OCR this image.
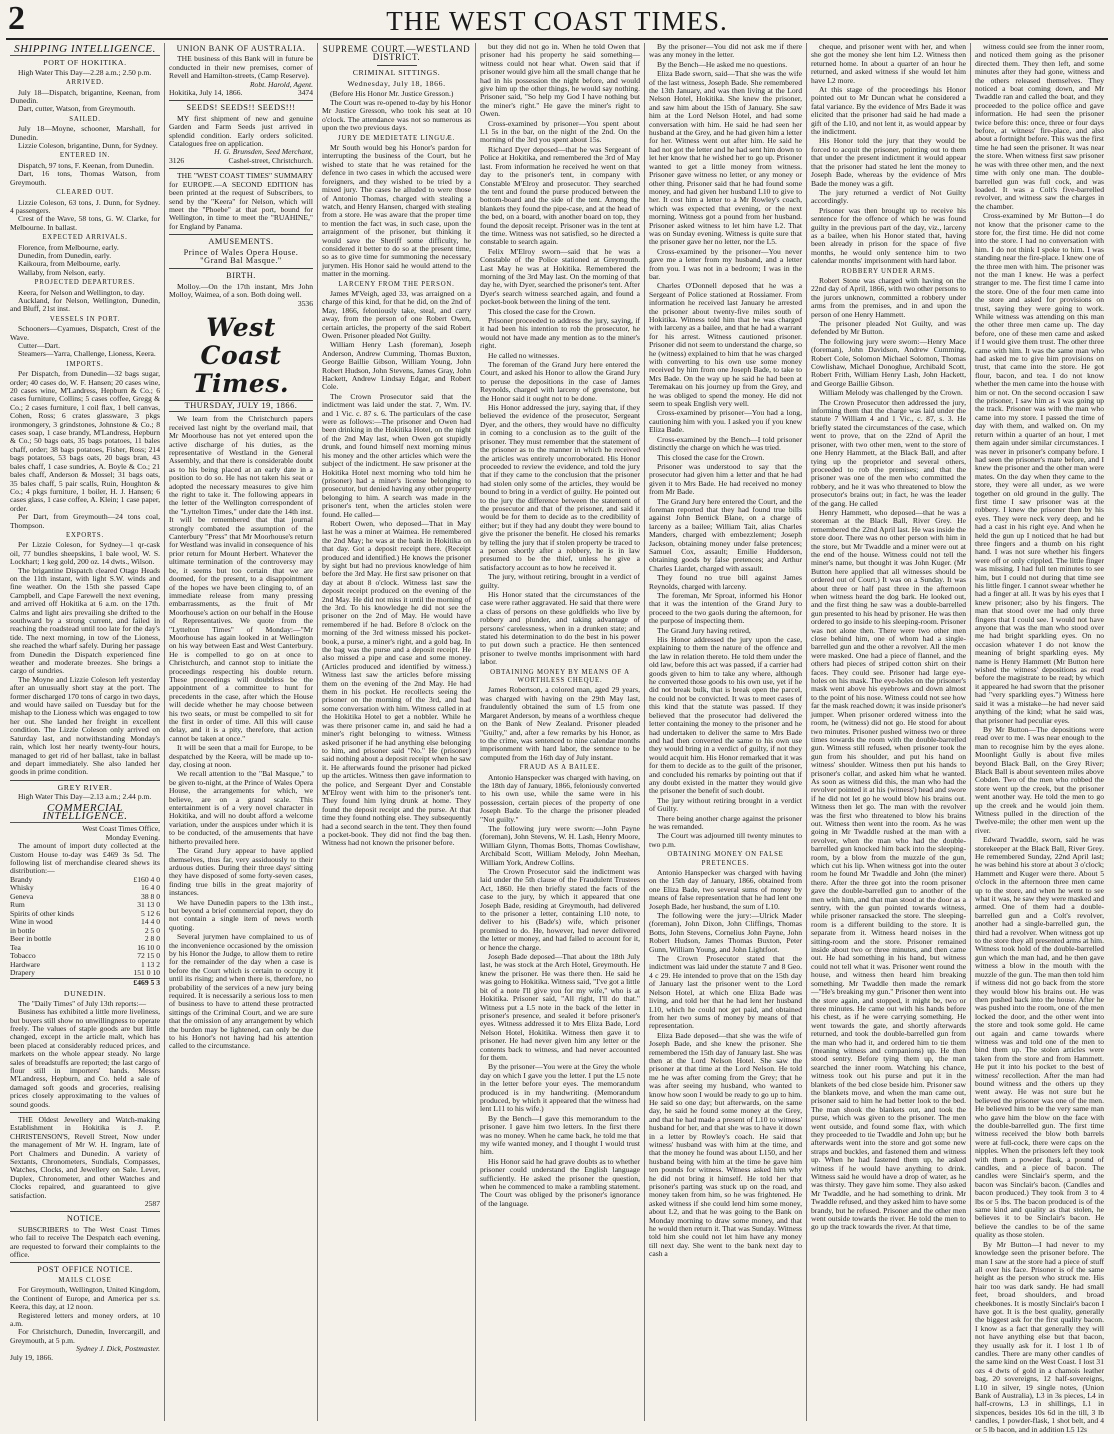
2	THE WEST COAST TIMES.
SHIPPING INTELLIGENCE.
PORT OF HOKITIKA.

High Water This Day—2.28 a.m.; 2.50 p.m.

ARRIVED.

July 18—Dispatch, brigantine, Keenan, from Dunedin.

Dart, cutter, Watson, from Greymouth.

SAILED.

July 18—Moyne, schooner, Marshall, for Dunedin.

Lizzie Coleson, brigantine, Dunn, for Sydney.

ENTERED IN.

Dispatch, 97 tons, F. Keenan, from Dunedin.

Dart, 16 tons, Thomas Watson, from Greymouth.

CLEARED OUT.

Lizzie Coleson, 63 tons, J. Dunn, for Sydney. 4 passengers.

Crest of the Wave, 58 tons, G. W. Clarke, for Melbourne. In ballast.

EXPECTED ARRIVALS.

Florence, from Melbourne, early.

Dunedin, from Dunedin, early.

Kaikoura, from Melbourne, early.

Wallaby, from Nelson, early.

PROJECTED DEPARTURES.

Keera, for Nelson and Wellington, to day.

Auckland, for Nelson, Wellington, Dunedin, and Bluff, 21st inst.

VESSELS IN PORT.

Schooners—Cyamues, Dispatch, Crest of the Wave.

Cutter—Dart.

Steamers—Yarra, Challenge, Lioness, Keera.

IMPORTS.

Per Dispatch, from Dunedin—32 bags sugar, order; 40 cases do, W. F. Hansen; 20 cases wine, 20 cases wine, M'Landress, Hepburn & Co.; 6 cases furniture, Collins; 5 cases coffee, Gregg & Co.; 2 cases furniture, 1 coil flax, 1 bell canvas, Cohen, Ross; 6 crates glassware, 3 pkgs ironmongery, 3 grindstones, Johnstone & Co.; 8 cases soap, 1 case brandy, M'Landress, Hepburn & Co.; 50 bags oats, 35 bags potatoes, 11 bales chaff, order; 38 bags potatoes, Fisher, Ross; 214 bags potatoes, 53 bags oats, 20 bags bran, 43 bales chaff, 1 case sundries, A. Boyle & Co.; 21 bales chaff, Anderson & Mossel; 31 bags oats, 35 bales chaff, 5 pair scalls, Ruin, Houghton & Co.; 4 pkgs furniture, 1 boiler, H. J. Hansen; 6 cases glass, 1 case coffee, A. Klein; 1 case paper, order.

Per Dart, from Greymouth—24 tons coal, Thompson.

EXPORTS.

Per Lizzie Coleson, for Sydney—1 qr-cask oil, 77 bundles sheepskins, 1 bale wool, W. S. Lockhart; 1 keg gold, 200 oz. 14 dwts., Wilson.

The brigantine Dispatch cleared Otago Heads on the 11th instant, with light S.W. winds and fine weather. On the 15th she passed Cape Campbell, and Cape Farewell the next evening, and arrived off Hokitika at 6 a.m. on the 17th. Calms and light airs prevailing she drifted to the southward by a strong current, and failed in reaching the roadstead until too late for the day's tide. The next morning, in tow of the Lioness, she reached the wharf safely. During her passage from Dunedin the Dispatch experienced fine weather and moderate breezes. She brings a cargo of sundries.

The Moyne and Lizzie Coleson left yesterday after an unusually short stay at the port. The former discharged 170 tons of cargo in two days, and would have sailed on Tuesday but for the mishap to the Lioness which was engaged to tow her out. She landed her freight in excellent condition. The Lizzie Coleson only arrived on Saturday last, and notwithstanding Monday's rain, which lost her nearly twenty-four hours, managed to get rid of her ballast, take in ballast and depart immediately. She also landed her goods in prime condition.

GREY RIVER.

High Water This Day—2.13 a.m.; 2.44 p.m.

COMMERCIAL INTELLIGENCE.
West Coast Times Office,
Monday Evening.

The amount of import duty collected at the Custom House to-day was £469 3s 5d. The following list of merchandise cleared shews its distribution:—

Brandy	£160 4 0
Whisky	16 4 0
Geneva	38 8 0
Rum	31 13 0
Spirits of other kinds	5 12 6
Wine in wood	14 4 0
in bottle	2 5 0
Beer in bottle	2 8 0
Tea	16 10 0
Tobacco	72 15 0
Hardware	1 13 2
Drapery	151 0 10
	£469 5 3
DUNEDIN.

The "Daily Times" of July 13th reports:—

Business has exhibited a little more liveliness, but buyers still show no unwillingness to operate freely. The values of staple goods are but little changed, except in the article malt, which has been placed at considerably reduced prices, and markets on the whole appear steady. No large sales of breadstuffs are reported; the last cargo of flour still in importers' hands. Messrs M'Landress, Hepburn, and Co. held a sale of damaged soft goods and groceries, realising prices closely approximating to the values of sound goods.

THE Oldest Jewellery and Watch-making Establishment in Hokitika is J. P. CHRISTENSON'S, Revell Street, Now under the management of Mr W. H. Ingram, late of Port Chalmers and Dunedin. A variety of Sextants, Chronometers, Sundials, Compasses, Watches, Clocks, and Jewellery on Sale. Lever, Duplex, Chronometer, and other Watches and Clocks repaired, and guaranteed to give satisfaction.

2587
NOTICE.

SUBSCRIBERS to The West Coast Times who fail to receive The Despatch each evening, are requested to forward their complaints to the office.

POST OFFICE NOTICE.
MAILS CLOSE

For Greymouth, Wellington, United Kingdom, the Continent of Europe, and America per s.s. Keera, this day, at 12 noon.

Registered letters and money orders, at 10 a.m.

For Christchurch, Dunedin, Invercargill, and Greymouth, at 5 p.m.

Sydney J. Dick, Postmaster.
July 19, 1866.
UNION BANK OF AUSTRALIA.

THE business of this Bank will in future be conducted in their new premises, corner of Revell and Hamilton-streets, (Camp Reserve).

Robt. Harold, Agent.
Hokitika, July 14, 1866.	3474
SEEDS! SEEDS!! SEEDS!!!

MY first shipment of new and genuine Garden and Farm Seeds just arrived in splendid condition. Early orders solicited. Catalogues free on application.

H. G. Brunsden, Seed Merchant,
3126	Cashel-street, Christchurch.

THE "WEST COAST TIMES" SUMMARY for EUROPE.—A SECOND EDITION has been printed at the request of Subscribers, to send by the "Keera" for Nelson, which will meet the "Phoebe" at that port, bound for Wellington, in time to meet the "RUAHINE," for England by Panama.

AMUSEMENTS.
Prince of Wales Opera House. "Grand Bal Masque."
BIRTH.

Molloy.—On the 17th instant, Mrs John Molloy, Waimea, of a son. Both doing well.

3536
West Coast Times.
THURSDAY, JULY 19, 1866.

We learn from the Christchurch papers received last night by the overland mail, that Mr Moorhouse has not yet entered upon the active discharge of his duties, as the representative of Westland in the General Assembly, and that there is considerable doubt as to his being placed at an early date in a position to do so. He has not taken his seat or adopted the necessary measures to give him the right to take it. The following appears in the letter of the Wellington correspondent of the "Lyttelton Times," under date the 14th inst. It will be remembered that that journal strongly combated the assumption of the Canterbury "Press" that Mr Moorhouse's return for Westland was invalid in consequence of his prior return for Mount Herbert. Whatever the ultimate termination of the controversy may be, it seems but too certain that we are doomed, for the present, to a disappointment of the hopes we have been clinging to, of an immediate release from many pressing embarrassments, as the fruit of Mr Moorhouse's action on our behalf in the House of Representatives. We quote from the "Lyttelton Times" of Monday:—"Mr Moorhouse has again looked in at Wellington on his way between East and West Canterbury. He is compelled to go on at once to Christchurch, and cannot stop to initiate the proceedings respecting his double return. These proceedings will doubtless be the appointment of a committee to hunt for precedents in the case, after which the House will decide whether he may choose between his two seats, or must be compelled to sit for the first in order of time. All this will cause delay, and it is a pity, therefore, that action cannot be taken at once."

It will be seen that a mail for Europe, to be despatched by the Keera, will be made up to-day, closing at noon.

We recall attention to the "Bal Masque," to be given to-night, at the Prince of Wales Opera House, the arrangements for which, we believe, are on a grand scale. This entertainment is of a very novel character in Hokitika, and will no doubt afford a welcome variation, under the auspices under which it is to be conducted, of the amusements that have hitherto prevailed here.

The Grand Jury appear to have applied themselves, thus far, very assiduously to their arduous duties. During their three days' sitting they have disposed of some forty-seven cases, finding true bills in the great majority of instances.

We have Dunedin papers to the 13th inst., but beyond a brief commercial report, they do not contain a single item of news worth quoting.

Several jurymen have complained to us of the inconvenience occasioned by the omission by his Honor the Judge, to allow them to retire for the remainder of the day when a case is before the Court which is certain to occupy it until its rising; and when there is, therefore, no probability of the services of a new jury being required. It is necessarily a serious loss to men of business to have to attend these protracted sittings of the Criminal Court, and we are sure that the omission of any arrangement by which the burden may be lightened, can only be due to his Honor's not having had his attention called to the circumstance.

SUPREME COURT.—WESTLAND DISTRICT.
CRIMINAL SITTINGS.
Wednesday, July 18, 1866.

(Before His Honor Mr. Justice Gresson.)

The Court was re-opened to-day by his Honor Mr Justice Gresson, who took his seat at 10 o'clock. The attendance was not so numerous as upon the two previous days.

JURY DE MEDIETATE LINGUÆ.

Mr South would beg his Honor's pardon for interrupting the business of the Court, but he wished to state that he was retained for the defence in two cases in which the accused were foreigners, and they wished to be tried by a mixed jury. The cases he alluded to were those of Antonio Thomas, charged with stealing a watch, and Henry Hansen, charged with stealing from a store. He was aware that the proper time to mention the fact was, in such case, upon the arraignment of the prisoner, but thinking it would save the Sheriff some difficulty, he considered it better to do so at the present time, so as to give time for summoning the necessary jurymen. His Honor said he would attend to the matter in the morning.

LARCENY FROM THE PERSON.

James M'Veigh, aged 33, was arraigned on a charge of this kind, for that he did, on the 2nd of May, 1866, feloniously take, steal, and carry away, from the person of one Robert Owen, certain articles, the property of the said Robert Owen. Prisoner pleaded Not Guilty.

William Henry Lash (foreman), Joseph Anderson, Andrew Cumming, Thomas Buxton, George Baillie Gibson, William Young, John Robert Hudson, John Stevens, James Gray, John Hackett, Andrew Lindsay Edgar, and Robert Cole.

The Crown Prosecutor said that the indictment was laid under the stat. 7, Wm. IV. and 1 Vic. c. 87 s. 6. The particulars of the case were as follows:—The prisoner and Owen had been drinking in the Hokitika Hotel, on the night of the 2nd May last, when Owen got stupidly drunk, and found himself next morning minus his money and the other articles which were the subject of the indictment. He saw prisoner at the Hokitika Hotel next morning who told him he (prisoner) had a miner's license belonging to prosecutor, but denied having any other property belonging to him. A search was made in the prisoner's tent, when the articles stolen were found. He called—

Robert Owen, who deposed—That in May last he was a miner at Waimea. He remembered the 2nd May; he was at the bank in Hokitika on that day. Got a deposit receipt there. (Receipt produced and identified.) He knows the prisoner by sight but had no previous knowledge of him before the 3rd May. He first saw prisoner on that day at about 8 o'clock. Witness last saw the deposit receipt produced on the evening of the 2nd May. He did not miss it until the morning of the 3rd. To his knowledge he did not see the prisoner on the 2nd of May. He would have remembered if he had. Before 8 o'clock on the morning of the 3rd witness missed his pocket-book, a purse, a miner's right, and a gold bag. In the bag was the purse and a deposit receipt. He also missed a pipe and case and some money. (Articles produced and identified by witness.) Witness last saw the articles before missing them on the evening of the 2nd May. He had them in his pocket. He recollects seeing the prisoner on the morning of the 3rd, and had some conversation with him. Witness called in at the Hokitika Hotel to get a nobbler. While he was there prisoner came in, and said he had a miner's right belonging to witness. Witness asked prisoner if he had anything else belonging to him, and prisoner said "No." He (prisoner) said nothing about a deposit receipt when he saw it. He afterwards found the prisoner had picked up the articles. Witness then gave information to the police, and Sergeant Dyer and Constable M'Elroy went with him to the prisoner's tent. They found him lying drunk at home. They found the deposit receipt and the purse. At that time they found nothing else. They subsequently had a second search in the tent. They then found a pocket-book. They did not find the bag then. Witness had not known the prisoner before.

but they did not go in. When he told Owen that prisoner had his property he said something—witness could not hear what. Owen said that if prisoner would give him all the small change that he had in his possession the night before, and would give him up the other things, he would say nothing. Prisoner said, "So help my God I have nothing but the miner's right." He gave the miner's right to Owen.

Cross-examined by prisoner—You spent about L1 5s in the bar, on the night of the 2nd. On the morning of the 3rd you spent about 15s.

Richard Dyer deposed—that he was Sergeant of Police at Hokitika, and remembered the 3rd of May last. From information he received he went on that day to the prisoner's tent, in company with Constable M'Elroy and prosecutor. They searched the tent and found the purse produced between the bottom-board and the side of the tent. Among the blankets they found the pipe-case, and at the head of the bed, on a board, with another board on top, they found the deposit receipt. Prisoner was in the tent at the time. Witness was not satisfied, so he directed a constable to search again.

Felix M'Elroy sworn—said that he was a Constable of the Police stationed at Greymouth. Last May he was at Hokitika. Remembered the morning of the 3rd May last. On the morning of that day he, with Dyer, searched the prisoner's tent. After Dyer's search witness searched again, and found a pocket-book between the lining of the tent.

This closed the case for the Crown.

Prisoner proceeded to address the jury, saying, if it had been his intention to rob the prosecutor, he would not have made any mention as to the miner's right.

He called no witnesses.

The foreman of the Grand Jury here entered the Court, and asked his Honor to allow the Grand Jury to peruse the depositions in the case of James Reynolds, charged with larceny of greenstone, but the Honor said it ought not to be done.

His Honor addressed the jury, saying that, if they believed the evidence of the prosecutor, Sergeant Dyer, and the others, they would have no difficulty in coming to a conclusion as to the guilt of the prisoner. They must remember that the statement of the prisoner as to the manner in which he received the articles was entirely uncorroborated. His Honor proceeded to review the evidence, and told the jury that if they came to the conclusion that the prisoner had stolen only some of the articles, they would be bound to bring in a verdict of guilty. He pointed out to the jury the difference between the statement of the prosecutor and that of the prisoner, and said it would be for them to decide as to the credibility of either; but if they had any doubt they were bound to give the prisoner the benefit. He closed his remarks by telling the jury that if stolen property be traced to a person shortly after a robbery, he is in law presumed to be the thief, unless he give a satisfactory account as to how he received it.

The jury, without retiring, brought in a verdict of guilty.

His Honor stated that the circumstances of the case were rather aggravated. He said that there were a class of persons on these goldfields who live by robbery and plunder, and taking advantage of persons' carelessness, when in a drunken state; and stated his determination to do the best in his power to put down such a practice. He then sentenced prisoner to twelve months imprisonment with hard labor.

OBTAINING MONEY BY MEANS OF A WORTHLESS CHEQUE.

James Robertson, a colored man, aged 29 years, was charged with having on the 29th May last, fraudulently obtained the sum of L5 from one Margaret Anderson, by means of a worthless cheque on the Bank of New Zealand. Prisoner pleaded "Guilty," and, after a few remarks by his Honor, as to the crime, was sentenced to nine calendar months imprisonment with hard labor, the sentence to be computed from the 16th day of July instant.

FRAUD AS A BAILEE.

Antonio Hanspecker was charged with having, on the 18th day of January, 1866, feloniously converted to his own use, while the same were in his possession, certain pieces of the property of one Joseph Bade. To the charge the prisoner pleaded "Not guilty."

The following jury were sworn:—John Payne (foreman), John Stevens, W. H. Lash, Henry Moore, William Glynn, Thomas Botts, Thomas Cowlishaw, Archibald Scott, William Melody, John Meehan, William York, Andrew Collins.

The Crown Prosecutor said the indictment was laid under the 5th clause of the Fraudulent Trustees Act, 1860. He then briefly stated the facts of the case to the jury, by which it appeared that one Joseph Bade, residing at Greymouth, had delivered to the prisoner a letter, containing L10 note, to deliver to his (Bade's) wife, which prisoner promised to do. He, however, had never delivered the letter or money, and had failed to account for it, or hence the charge.

Joseph Bade deposed—That about the 18th July last, he was stock at the Arch Hotel, Greymouth. He knew the prisoner. He was there then. He said he was going to Hokitika. Witness said, "I've got a little bit of a note I'll give you for my wife," who is at Hokitika. Prisoner said, "All right, I'll do that." Witness put a L5 note in the back of the letter in prisoner's presence, and sealed it before prisoner's eyes. Witness addressed it to Mrs Eliza Bade, Lord Nelson Hotel, Hokitika. Witness then gave it to prisoner. He had never given him any letter or the contents back to witness, and had never accounted for them.

By the prisoner—You were at the Grey the whole day on which I gave you the letter. I put the L5 note in the letter before your eyes. The memorandum produced is in my handwriting. (Memorandum produced, by which it appeared that the witness had lent L11 to his wife.)

By the Bench—I gave this memorandum to the prisoner. I gave him two letters. In the first there was no money. When he came back, he told me that my wife wanted money, and I thought I would trust him.

His Honor said he had grave doubts as to whether prisoner could understand the English language sufficiently. He asked the prisoner the question, when he commenced to make a rambling statement. The Court was obliged by the prisoner's ignorance of the language.

By the prisoner—You did not ask me if there was any money in the letter.

By the Bench—He asked me no questions.

Eliza Bade sworn, said—That she was the wife of the last witness, Joseph Bade. She remembered the 13th January, and was then living at the Lord Nelson Hotel, Hokitika. She knew the prisoner, and saw him about the 15th of January. She saw him at the Lord Nelson Hotel, and had some conversation with him. He said he had seen her husband at the Grey, and he had given him a letter for her. Witness went out after him. He said he had not got the letter and he had sent him down to let her know that he wished her to go up. Prisoner wanted to get a little money from witness. Prisoner gave witness no letter, or any money or other thing. Prisoner said that he had found some money, and had given her husband L10 to give to her. It cost him a letter to a Mr Rowley's coach, which was expected that evening, or the next morning. Witness got a pound from her husband. Prisoner asked witness to let him have L2. That was on Sunday evening. Witness is quite sure that the prisoner gave her no letter, nor the L5.

Cross-examined by the prisoner—You never gave me a letter from my husband, and a letter from you. I was not in a bedroom; I was in the bar.

Charles O'Donnell deposed that he was a Sergeant of Police stationed at Rossiamer. From information he received last January he arrested the prisoner about twenty-five miles south of Hokitika. Witness told him that he was charged with larceny as a bailee, and that he had a warrant for his arrest. Witness cautioned prisoner. Prisoner did not seem to understand the charge, so he (witness) explained to him that he was charged with converting to his own use some money received by him from one Joseph Bade, to take to Mrs Bade. On the way up he said he had been at Teremakau on his journey up from the Grey, and he was obliged to spend the money. He did not seem to speak English very well.

Cross-examined by prisoner—You had a long, cautioning him with you. I asked you if you knew Eliza Bade.

Cross-examined by the Bench—I told prisoner distinctly the charge on which he was tried.

This closed the case for the Crown.

Prisoner was understood to say that the prosecutor had given him a letter and that he had given it to Mrs Bade. He had received no money from Mr Bade.

The Grand Jury here entered the Court, and the foreman reported that they had found true bills against John Bentick Blane, on a charge of larceny as a bailee; William Tait, alias Charles Manders, charged with embezzlement; Joseph Jackson, obtaining money under false pretences; Samuel Cox, assault; Emilie Hudderson, obtaining goods by false pretences; and Arthur Charles Liardet, charged with assault.

They found no true bill against James Reynolds, charged with larceny.

The foreman, Mr Sproat, informed his Honor that it was the intention of the Grand Jury to proceed to the two gaols during the afternoon, for the purpose of inspecting them.

The Grand Jury having retired,

His Honor addressed the jury upon the case, explaining to them the nature of the offence and the law in relation thereto. He told them under the old law, before this act was passed, if a carrier had goods given to him to take any where, although he converted those goods to his own use, yet if he did not break bulk, that is break open the parcel, he could not be convicted. It was to meet cases of this kind that the statute was passed. If they believed that the prosecutor had delivered the letter containing the money to the prisoner and he had undertaken to deliver the same to Mrs Bade and had then converted the same to his own use they would bring in a verdict of guilty, if not they would acquit him. His Honor remarked that it was for them to decide as to the guilt of the prisoner, and concluded his remarks by pointing out that if any doubt existed in the matter they would give the prisoner the benefit of such doubt.

The jury without retiring brought in a verdict of Guilty.

There being another charge against the prisoner he was remanded.

The Court was adjourned till twenty minutes to two p.m.

OBTAINING MONEY ON FALSE PRETENCES.

Antonio Hanspecker was charged with having on the 15th day of January, 1866, obtained from one Eliza Bade, two several sums of money by means of false representation that he had lent one Joseph Bade, her husband, the sum of L10.

The following were the jury:—Ulrick Mader (foreman), John Dixon, John Cliffings, Thomas Botts, John Stevens, Cornelius John Payne, John Robert Hudson, James Thomas Buxton, Peter Gunn, William Young, and John Lightfoot.

The Crown Prosecutor stated that the indictment was laid under the statute 7 and 8 Geo. 4 c 29. He intended to prove that on the 15th day of January last the prisoner went to the Lord Nelson Hotel, at which one Eliza Bade was living, and told her that he had lent her husband L10, which he could not get paid, and obtained from her two sums of money by means of that representation.

Eliza Bade deposed—that she was the wife of Joseph Bade, and she knew the prisoner. She remembered the 15th day of January last. She was then at the Lord Nelson Hotel. She saw the prisoner at that time at the Lord Nelson. He told me he was after coming from the Grey; that he was after seeing my husband, who wanted to know how soon I would be ready to go up to him. He said so one day; but afterwards, on the same day, he said he found some money at the Grey, and that he had made a present of L10 to witness' husband for her, and that she was to have it down in a letter by Rowley's coach. He said that witness' husband was with him at the time, and that the money he found was about L150, and her husband being with him at the time he gave him ten pounds for witness. Witness asked him why he did not bring it himself. He told her that prisoner's parting was stuck up on the road, and money taken from him, so he was frightened. He asked witness if she could lend him some money, about L2, and that he was going to the Bank on Monday morning to draw some money, and that he would then return it. That was Sunday. Witness told him she could not let him have any money till next day. She went to the bank next day to cash a

cheque, and prisoner went with her, and when she got the money she lent him L2. Witness then returned home. In about a quarter of an hour he returned, and asked witness if she would let him have L2 more.

At this stage of the proceedings his Honor pointed out to Mr Duncan what he considered a fatal variance. By the evidence of Mrs Bade it was elicited that the prisoner had said he had made a gift of the L10, and not lent it, as would appear by the indictment.

His Honor told the jury that they would be forced to acquit the prisoner, pointing out to them that under the present indictment it would appear that the prisoner had stated he lent the money to Joseph Bade, whereas by the evidence of Mrs Bade the money was a gift.

The jury returned a verdict of Not Guilty accordingly.

Prisoner was then brought up to receive his sentence for the offence of which he was found guilty in the previous part of the day, viz., larceny as a bailee, when his Honor stated that, having been already in prison for the space of five months, he would only sentence him to two calendar months' imprisonment with hard labor.

ROBBERY UNDER ARMS.

Robert Stone was charged with having on the 22nd day of April, 1866, with two other persons to the jurors unknown, committed a robbery under arms from the premises, and in and upon the person of one Henry Hammett.

The prisoner pleaded Not Guilty, and was defended by Mr Button.

The following jury were sworn:—Henry Mace (foreman), John Davidson, Andrew Cumming, Robert Cole, Solomon Michael Solomon, Thomas Cowlishaw, Michael Donoghue, Archibald Scott, Robert Frith, William Henry Lash, John Hackett, and George Baillie Gibson.

William Melody was challenged by the Crown.

The Crown Prosecutor then addressed the jury, informing them that the charge was laid under the statute 7 William 4 and 1 Vic., c. 87, s. 3. He briefly stated the circumstances of the case, which went to prove, that on the 22nd of April the prisoner, with two other men, went to the store of one Henry Hammett, at the Black Ball, and after tying up the proprietor and several others, proceeded to rob the premises; and that the prisoner was one of the men who committed the robbery, and he it was who threatened to blow the prosecutor's brains out; in fact, he was the leader of the gang. He called

Henry Hammett, who deposed—that he was a storeman at the Black Ball, River Grey. He remembered the 22nd April last. He was inside the store door. There was no other person with him in the store, but Mr Twaddle and a miner were out at the end of the house. Witness could not tell the miner's name, but thought it was John Kuger. (Mr Button here applied that all witnesses should be ordered out of Court.) It was on a Sunday. It was about three or half past three in the afternoon when witness heard the dog bark. He looked out, and the first thing he saw was a double-barrelled gun presented to his head by prisoner. He was then ordered to go inside to his sleeping-room. Prisoner was not alone then. There were two other men close behind him, one of whom had a single-barrelled gun and the other a revolver. All the men were masked. One had a piece of flannel, and the others had pieces of striped cotton shirt on their faces. They could see. Prisoner had large eye-holes on his mask. The eye-holes on the prisoner's mask went above his eyebrows and down almost to the point of his nose. Witness could not see how far the mask reached down; it was inside prisoner's jumper. When prisoner ordered witness into the room, he (witness) did not go. He stood for about two minutes. Prisoner pushed witness two or three times towards the room with the double-barrelled gun. Witness still refused, when prisoner took the gun from his shoulder, and put his hand on witness' shoulder. Witness then put his hands to prisoner's collar, and asked him what he wanted. As soon as witness did this, the man who had the revolver pointed it at his (witness') head and swore if he did not let go he would blow his brains out. Witness then let go. The man with the revolver was the first who threatened to blow his brains out. Witness then went into the room. As he was going in Mr Twaddle rushed at the man with a revolver, when the man who had the double-barrelled gun knocked him back into the sleeping-room, by a blow from the muzzle of the gun, which cut his lip. When witness got into the outer room he found Mr Twaddle and John (the miner) there. After the three got into the room prisoner gave the double-barrelled gun to another of the men with him, and that man stood at the door as a sentry, with the gun pointed towards witness, while prisoner ransacked the store. The sleeping-room is a different building to the store. It is separate from it. Witness heard noises in the sitting-room and the store. Prisoner remained inside about two or three minutes, and then came out. He had something in his hand, but witness could not tell what it was. Prisoner went round the house, and witness then heard him breaking something. Mr Twaddle then made the remark—"He's breaking my gun." Prisoner then went into the store again, and stopped, it might be, two or three minutes. He came out with his hands before his chest, as if he were carrying something. He went towards the gate, and shortly afterwards returned, and took the double-barrelled gun from the man who had it, and ordered him to tie them (meaning witness and companions) up. He then stood sentry. Before tying them up, the man searched the inner room. Watching his chance, witness took out his purse and put it in the blankets of the bed close beside him. Prisoner saw the blankets move, and when the man came out, prisoner said to him he had better look to the bed. The man shook the blankets out, and took the purse, which was given to the prisoner. The men went outside, and found some flax, with which they proceeded to tie Twaddle and John up; but he afterwards went into the store and got some new straps and buckles, and fastened them and witness up. When he had fastened them up, he asked witness if he would have anything to drink. Witness said he would have a drop of water, as he was thirsty. They gave him some. They also asked Mr Twaddle, and he had something to drink. Mr Twaddle refused, and they asked him to have some brandy, but he refused. Prisoner and the other men went outside towards the river. He told the men to go up the track towards the river. At that time,

witness could see from the inner room, and noticed them going as the prisoner directed them. They then left, and some minutes after they had gone, witness and the others released themselves. They noticed a boat coming down, and Mr Twaddle ran and called the boat, and they proceeded to the police office and gave information. He had seen the prisoner twice before this: once, three or four days before, at witness' fire-place, and also about a fortnight before. This was the first time he had seen the prisoner. It was near the store. When witness first saw prisoner he was with three other men, and the next time with only one man. The double-barrelled gun was full cock, and was loaded. It was a Colt's five-barrelled revolver, and witness saw the charges in the chamber.

Cross-examined by Mr Button—I do not know that the prisoner came to the store for, the first time. He did not come into the store. I had no conversation with him. I do not think I spoke to him. I was standing near the fire-place. I knew one of the three men with him. The prisoner was not the man I knew. He was a perfect stranger to me. The first time I came into the store. One of the four men came into the store and asked for provisions on trust, saying they were going to work. While witness was attending on this man the other three men came up. The day before, one of these men came and asked if I would give them trust. The other three came with him. It was the same man who had asked me to give him provisions on trust, that came into the store. He got flour, bacon, and tea. I do not know whether the men came into the house with him or not. On the second occasion I saw the prisoner, I saw him as I was going up the track. Prisoner was with the man who came into my store. I passed the time of day with them, and walked on. On my return within a quarter of an hour, I met them again under similar circumstances. I was never in prisoner's company before. I had seen the prisoner's mate before, and I knew the prisoner and the other man were mates. On the day when they came to the store, they were all under, as we were together on old ground in the gully. The first time I saw prisoner was at the robbery. I knew the prisoner then by his eyes. They were neck very deep, and he had a cast in his right eye. And when he held the gun up I noticed that he had but three fingers and a thumb on his right hand. I was not sure whether his fingers were off or only crippled. The little finger was missing. I had full ten minutes to see him, but I could not during that time see his little finger. I cannot swear whether he had a finger at all. It was by his eyes that I knew prisoner; also by his fingers. The man that stood over me had only three fingers that I could see. I would not have anyone that was the man who stood over me had bright sparkling eyes. On no occasion whatever I do not know the meaning of bright sparkling eyes. My name is Henry Hammett (Mr Button here wished the witness' depositions as read before the magistrate to be read; by which it appeared he had sworn that the prisoner had "very sparkling eyes.") Witness here said it was a mistake—he had never said anything of the kind; what he said was, that prisoner had peculiar eyes.

By Mr Button—The depositions were read over to me. I was near enough to the man to recognise him by the eyes alone. Moonlight Gully is about five miles beyond Black Ball, on the Grey River; Black Ball is about seventeen miles above Cobden. Two of the men who robbed the store went up the creek, but the prisoner went another way. He told the men to go up the creek and he would join them. Witness pulled in the direction of the Twelve-mile; the other men went up the river.

Edward Twaddle, sworn, said he was storekeeper at the Black Ball, River Grey. He remembered Sunday, 22nd April last; he was behind his store at about 3 o'clock; Hammett and Kuger were there. About 5 o'clock in the afternoon three men came up to the store, and when he went to see what it was, he saw they were masked and armed. One of them had a double-barrelled gun and a Colt's revolver, another had a single-barrelled gun, the third had a revolver. When witness got up to the store they all presented arms at him. Witness took hold of the double-barrelled gun which the man had, and he then gave witness a blow in the mouth with the muzzle of the gun. The man then told him if witness did not go back from the store they would blow his brains out. He was then pushed back into the house. After he was pushed into the room, one of the men locked the door, and the other went into the store and took some gold. He came out again and came towards where witness was and told one of the men to bind them up. The stolen articles were taken from the store and from Hammett. He put it into his pocket to the best of witness' recollection. After the man had bound witness and the others up they went away. He was not sure but he believed the prisoner was one of the men. He believed him to be the very same man who gave him the blow on the face with the double-barrelled gun. The first time witness received the blow both barrels were at full-cock, there were caps on the nipples. When the prisoners left they took with them a powder flask, a pound of candles, and a piece of bacon. The candles were Sinclair's sperm, and the bacon was Sinclair's bacon. (Candles and bacon produced.) They took from 3 to 4 lbs or 5 lbs. The bacon produced is of the same kind and quality as that stolen, he believes it to be Sinclair's bacon. He believe the candles to be of the same quality as those stolen.

By Mr Button—I had never to my knowledge seen the prisoner before. The man I saw at the store had a piece of stuff all over his face. Prisoner is of the same height as the person who struck me. His hair too was dark sandy. He had small feet, broad shoulders, and broad cheekbones. It is mostly Sinclair's bacon I have got. It is the best quality, generally the biggest ask for the first quality bacon. I know as a fact that generally they will not have anything else but that bacon, they usually ask for it. I lost 1 lb of candles. There are many other candles of the same kind on the West Coast. I lost 31 ozs 4 dwts of gold in a chamois leather bag, 20 sovereigns, 12 half-sovereigns, L10 in silver, 19 single notes, (Union Bank of Australia), L3 in 3s pieces, L4 in half-crowns, L3 in shillings, L1 in sixpences, besides 10s 6d in the till, 3 lb candles, 1 powder-flask, 1 shot belt, and 4 or 5 lb bacon, and in addition L5 12s
